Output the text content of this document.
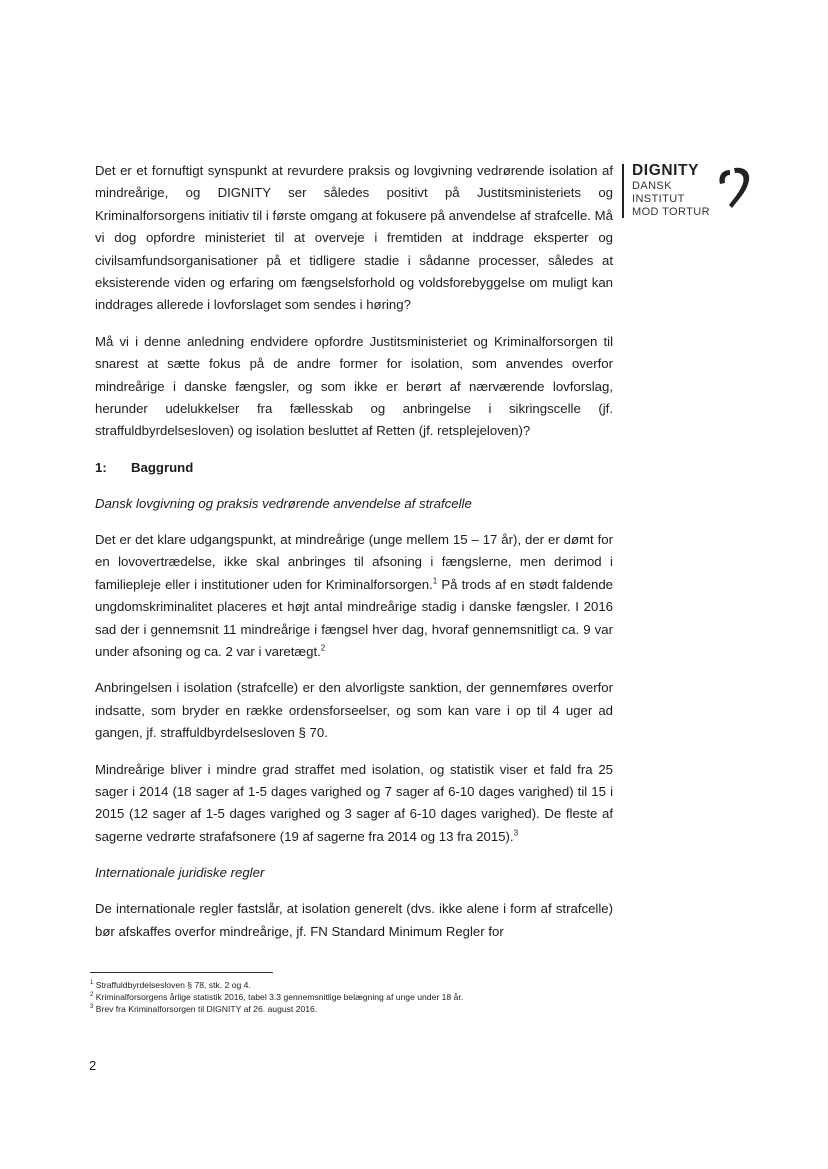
DIGNITY
DANSK
INSTITUT
MOD TORTUR

Det er et fornuftigt synspunkt at revurdere praksis og lovgivning vedrørende isolation af mindreårige, og DIGNITY ser således positivt på Justitsministeriets og Kriminalforsorgens initiativ til i første omgang at fokusere på anvendelse af strafcelle. Må vi dog opfordre ministeriet til at overveje i fremtiden at inddrage eksperter og civilsamfundsorganisationer på et tidligere stadie i sådanne processer, således at eksisterende viden og erfaring om fængselsforhold og voldsforebyggelse om muligt kan inddrages allerede i lovforslaget som sendes i høring?

Må vi i denne anledning endvidere opfordre Justitsministeriet og Kriminalforsorgen til snarest at sætte fokus på de andre former for isolation, som anvendes overfor mindreårige i danske fængsler, og som ikke er berørt af nærværende lovforslag, herunder udelukkelser fra fællesskab og anbringelse i sikringscelle (jf. straffuldbyrdelsesloven) og isolation besluttet af Retten (jf. retsplejeloven)?

1: Baggrund
Dansk lovgivning og praksis vedrørende anvendelse af strafcelle

Det er det klare udgangspunkt, at mindreårige (unge mellem 15 – 17 år), der er dømt for en lovovertrædelse, ikke skal anbringes til afsoning i fængslerne, men derimod i familiepleje eller i institutioner uden for Kriminalforsorgen.$^1$ På trods af en stødt faldende ungdomskriminalitet placeres et højt antal mindreårige stadig i danske fængsler. I 2016 sad der i gennemsnit 11 mindreårige i fængsel hver dag, hvoraf gennemsnitligt ca. 9 var under afsoning og ca. 2 var i varetægt.$^2$

Anbringelsen i isolation (strafcelle) er den alvorligste sanktion, der gennemføres overfor indsatte, som bryder en række ordensforseelser, og som kan vare i op til 4 uger ad gangen, jf. straffuldbyrdelsesloven § 70.

Mindreårige bliver i mindre grad straffet med isolation, og statistik viser et fald fra 25 sager i 2014 (18 sager af 1-5 dages varighed og 7 sager af 6-10 dages varighed) til 15 i 2015 (12 sager af 1-5 dages varighed og 3 sager af 6-10 dages varighed). De fleste af sagerne vedrørte strafafsonere (19 af sagerne fra 2014 og 13 fra 2015).$^3$

Internationale juridiske regler

De internationale regler fastslår, at isolation generelt (dvs. ikke alene i form af strafcelle) bør afskaffes overfor mindreårige, jf. FN Standard Minimum Regler for

$^1$ Straffuldbyrdelsesloven § 78, stk. 2 og 4.
$^2$ Kriminalforsorgens årlige statistik 2016, tabel 3.3 gennemsnitlige belægning af unge under 18 år.
$^3$ Brev fra Kriminalforsorgen til DIGNITY af 26. august 2016.
2
